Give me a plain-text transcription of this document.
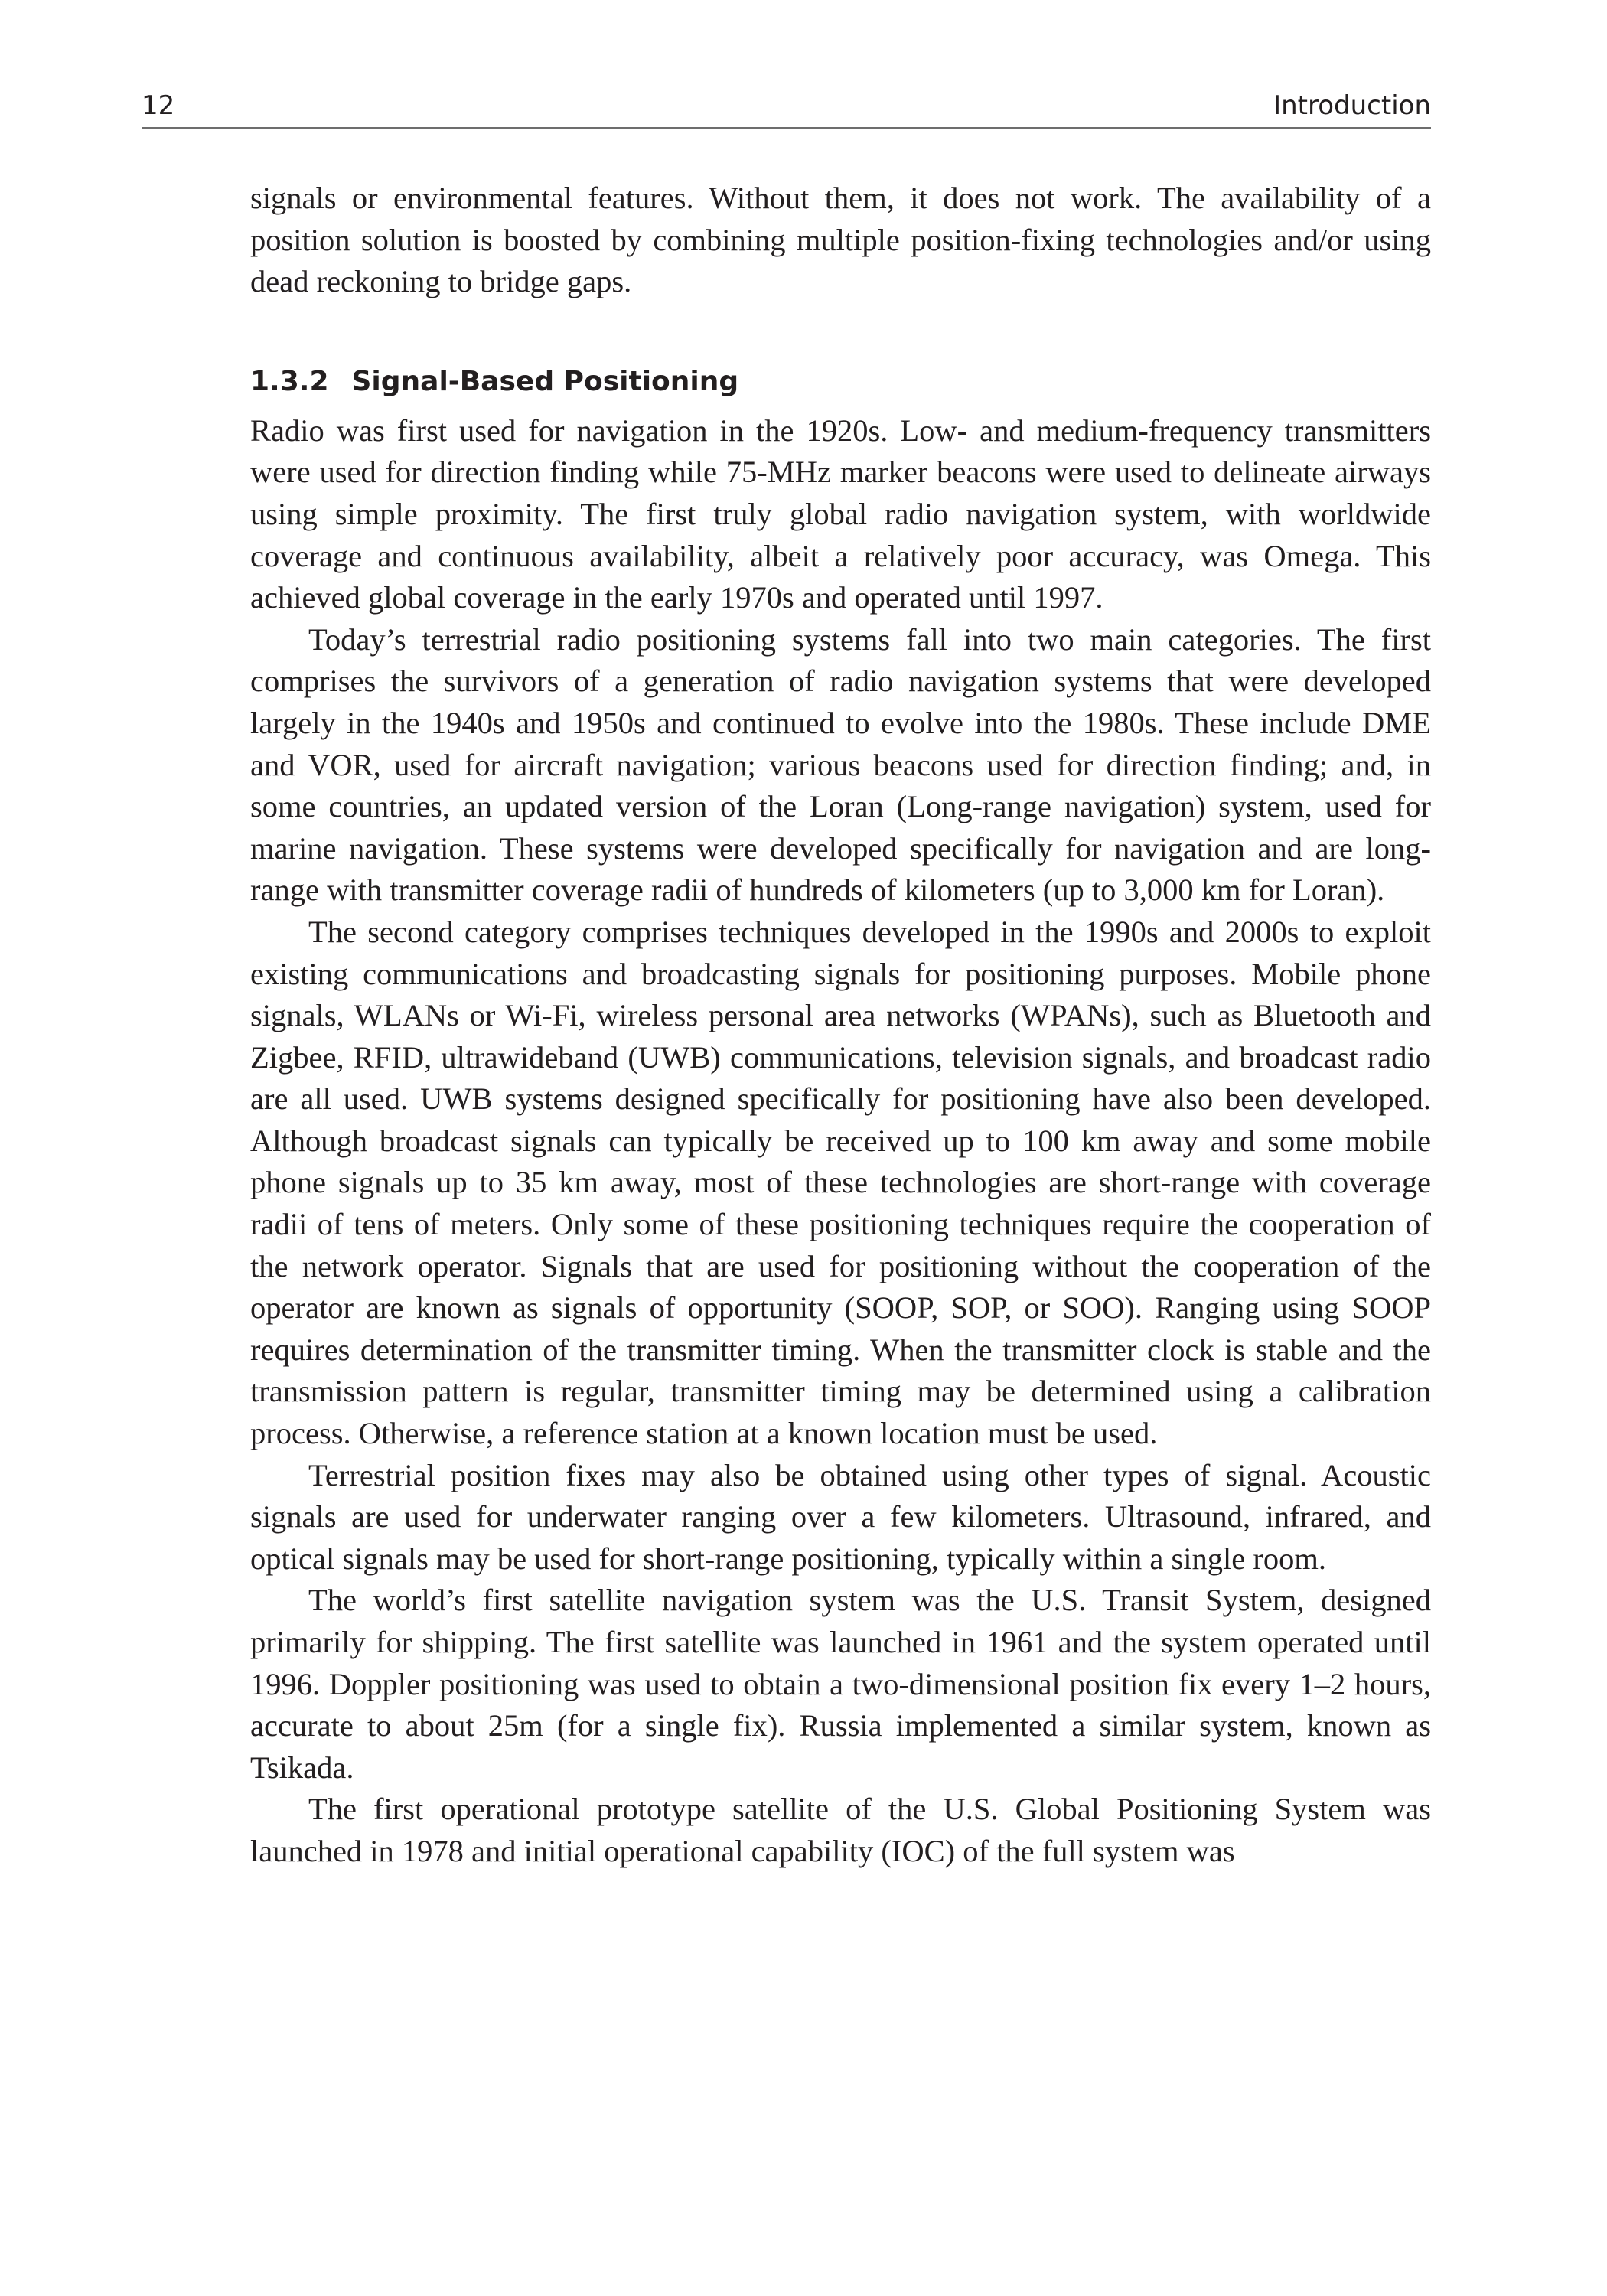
12	Introduction

signals or environmental features. Without them, it does not work. The availability of a position solution is boosted by combining multiple position-fixing technologies and/or using dead reckoning to bridge gaps.

1.3.2 Signal-Based Positioning

Radio was first used for navigation in the 1920s. Low- and medium-frequency transmitters were used for direction finding while 75-MHz marker beacons were used to delineate airways using simple proximity. The first truly global radio navigation system, with worldwide coverage and continuous availability, albeit a relatively poor accuracy, was Omega. This achieved global coverage in the early 1970s and operated until 1997.

Today’s terrestrial radio positioning systems fall into two main categories. The first comprises the survivors of a generation of radio navigation systems that were developed largely in the 1940s and 1950s and continued to evolve into the 1980s. These include DME and VOR, used for aircraft navigation; various beacons used for direction finding; and, in some countries, an updated version of the Loran (Long-range navigation) system, used for marine navigation. These systems were developed specifically for navigation and are long-range with transmitter coverage radii of hundreds of kilometers (up to 3,000 km for Loran).

The second category comprises techniques developed in the 1990s and 2000s to exploit existing communications and broadcasting signals for positioning purposes. Mobile phone signals, WLANs or Wi-Fi, wireless personal area networks (WPANs), such as Bluetooth and Zigbee, RFID, ultrawideband (UWB) communications, television signals, and broadcast radio are all used. UWB systems designed specifically for positioning have also been developed. Although broadcast signals can typically be received up to 100 km away and some mobile phone signals up to 35 km away, most of these technologies are short-range with coverage radii of tens of meters. Only some of these positioning techniques require the cooperation of the network operator. Signals that are used for positioning without the cooperation of the operator are known as signals of opportunity (SOOP, SOP, or SOO). Ranging using SOOP requires determination of the transmitter timing. When the transmitter clock is stable and the transmission pattern is regular, transmitter timing may be determined using a calibration process. Otherwise, a reference station at a known location must be used.

Terrestrial position fixes may also be obtained using other types of signal. Acoustic signals are used for underwater ranging over a few kilometers. Ultrasound, infrared, and optical signals may be used for short-range positioning, typically within a single room.

The world’s first satellite navigation system was the U.S. Transit System, designed primarily for shipping. The first satellite was launched in 1961 and the system operated until 1996. Doppler positioning was used to obtain a two-dimensional position fix every 1–2 hours, accurate to about 25m (for a single fix). Russia implemented a similar system, known as Tsikada.

The first operational prototype satellite of the U.S. Global Positioning System was launched in 1978 and initial operational capability (IOC) of the full system was
